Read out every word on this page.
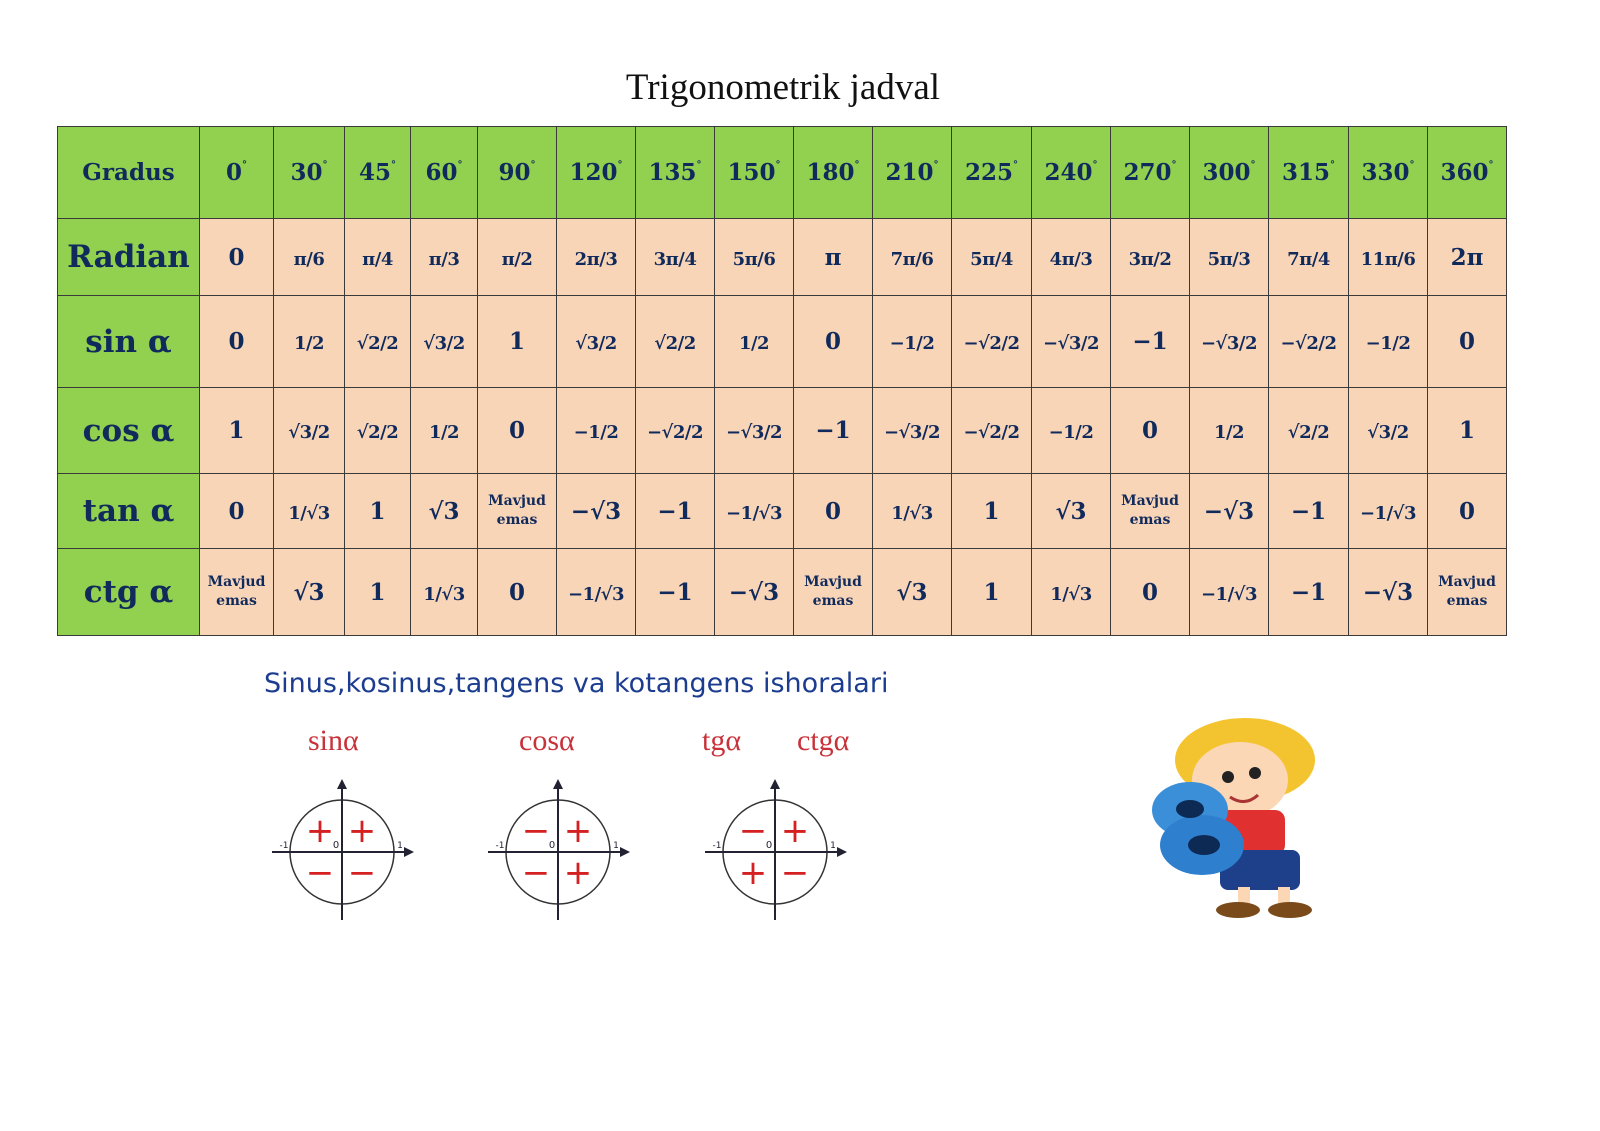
Trigonometrik jadval
Gradus	0°	30°	45°	60°	90°	120°	135°	150°	180°	210°	225°	240°	270°	300°	315°	330°	360°
Radian	0	π/6	π/4	π/3	π/2	2π/3	3π/4	5π/6	π	7π/6	5π/4	4π/3	3π/2	5π/3	7π/4	11π/6	2π
sin α	0	1/2	√2/2	√3/2	1	√3/2	√2/2	1/2	0	−1/2	−√2/2	−√3/2	−1	−√3/2	−√2/2	−1/2	0
cos α	1	√3/2	√2/2	1/2	0	−1/2	−√2/2	−√3/2	−1	−√3/2	−√2/2	−1/2	0	1/2	√2/2	√3/2	1
tan α	0	1/√3	1	√3	Mavjud emas	−√3	−1	−1/√3	0	1/√3	1	√3	Mavjud emas	−√3	−1	−1/√3	0
ctg α	Mavjud emas	√3	1	1/√3	0	−1/√3	−1	−√3	Mavjud emas	√3	1	1/√3	0	−1/√3	−1	−√3	Mavjud emas
Sinus,kosinus,tangens va kotangens ishoralari
sinα	cosα	tgα ctgα
-1	1
0
+ +
− −
-1	1
0
− +
− +
-1	1
0
− +
+ −
